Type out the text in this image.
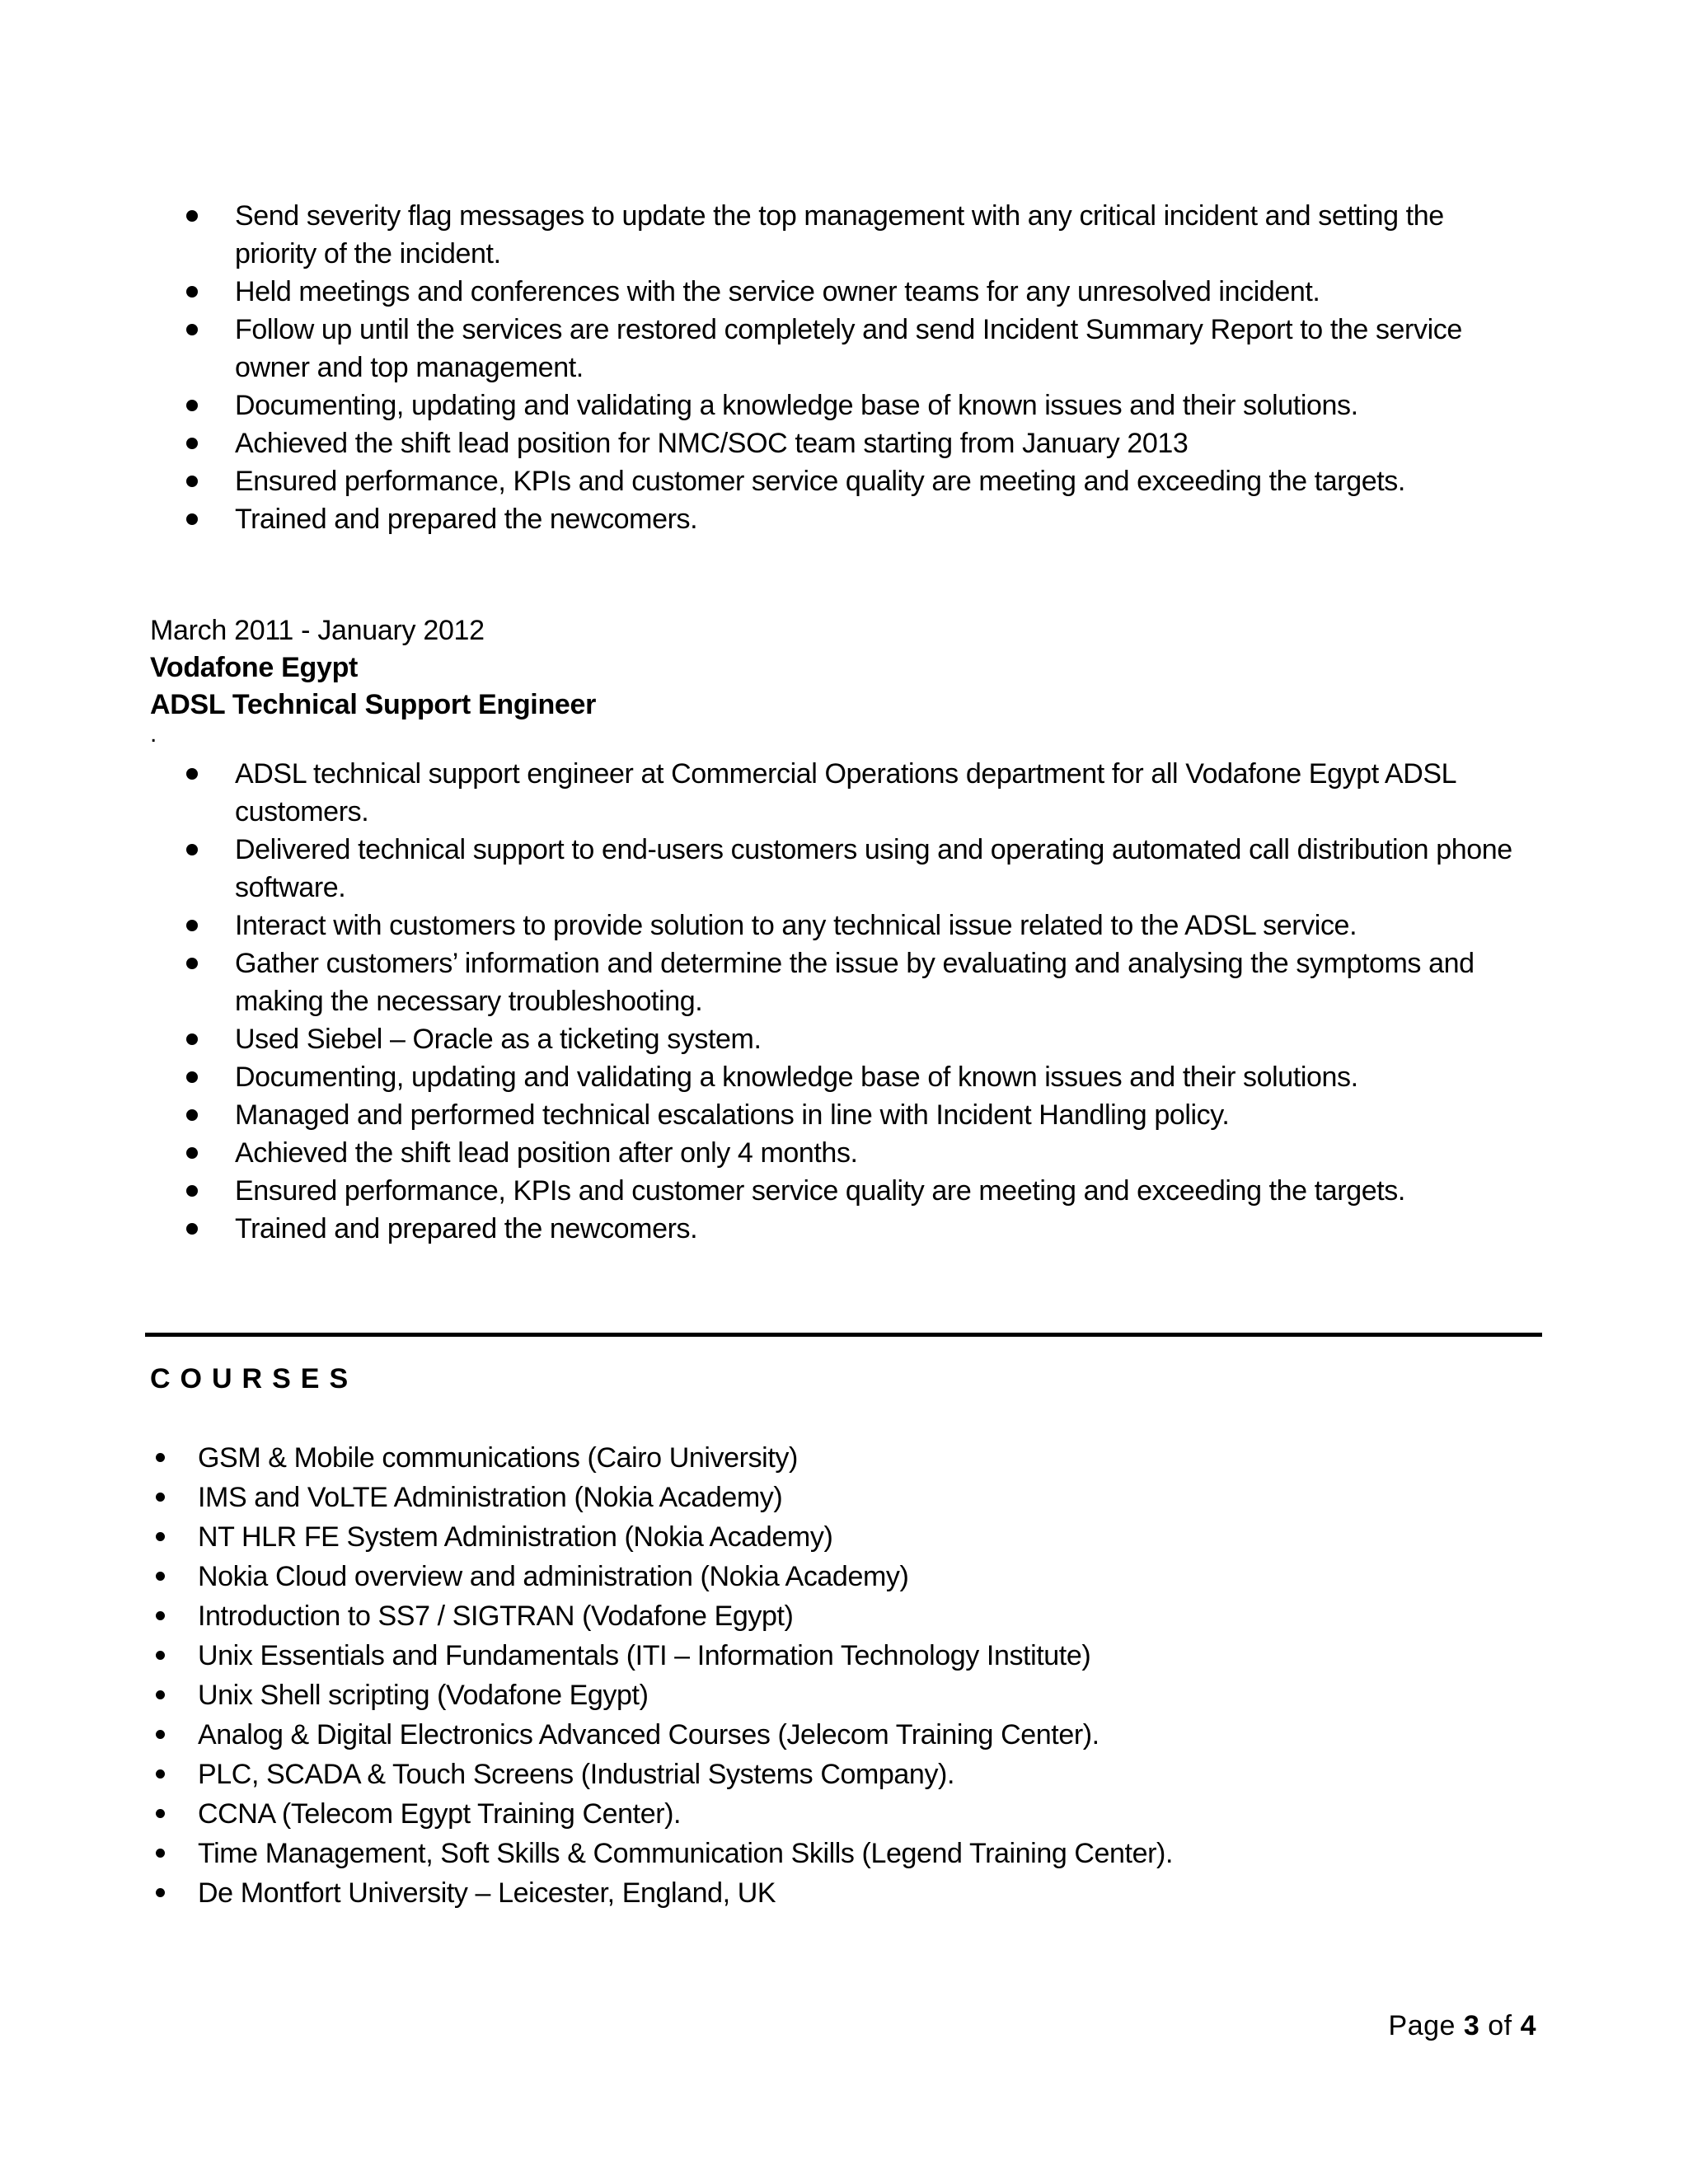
Send severity flag messages to update the top management with any critical incident and setting the priority of the incident.
Held meetings and conferences with the service owner teams for any unresolved incident.
Follow up until the services are restored completely and send Incident Summary Report to the service owner and top management.
Documenting, updating and validating a knowledge base of known issues and their solutions.
Achieved the shift lead position for NMC/SOC team starting from January 2013
Ensured performance, KPIs and customer service quality are meeting and exceeding the targets.
Trained and prepared the newcomers.
March 2011 - January 2012
Vodafone Egypt
ADSL Technical Support Engineer
.
ADSL technical support engineer at Commercial Operations department for all Vodafone Egypt ADSL customers.
Delivered technical support to end-users customers using and operating automated call distribution phone software.
Interact with customers to provide solution to any technical issue related to the ADSL service.
Gather customers’ information and determine the issue by evaluating and analysing the symptoms and making the necessary troubleshooting.
Used Siebel – Oracle as a ticketing system.
Documenting, updating and validating a knowledge base of known issues and their solutions.
Managed and performed technical escalations in line with Incident Handling policy.
Achieved the shift lead position after only 4 months.
Ensured performance, KPIs and customer service quality are meeting and exceeding the targets.
Trained and prepared the newcomers.
COURSES
GSM & Mobile communications (Cairo University)
IMS and VoLTE Administration (Nokia Academy)
NT HLR FE System Administration (Nokia Academy)
Nokia Cloud overview and administration (Nokia Academy)
Introduction to SS7 / SIGTRAN (Vodafone Egypt)
Unix Essentials and Fundamentals (ITI – Information Technology Institute)
Unix Shell scripting (Vodafone Egypt)
Analog & Digital Electronics Advanced Courses (Jelecom Training Center).
PLC, SCADA & Touch Screens (Industrial Systems Company).
CCNA (Telecom Egypt Training Center).
Time Management, Soft Skills & Communication Skills (Legend Training Center).
De Montfort University – Leicester, England, UK
Page 3 of 4
